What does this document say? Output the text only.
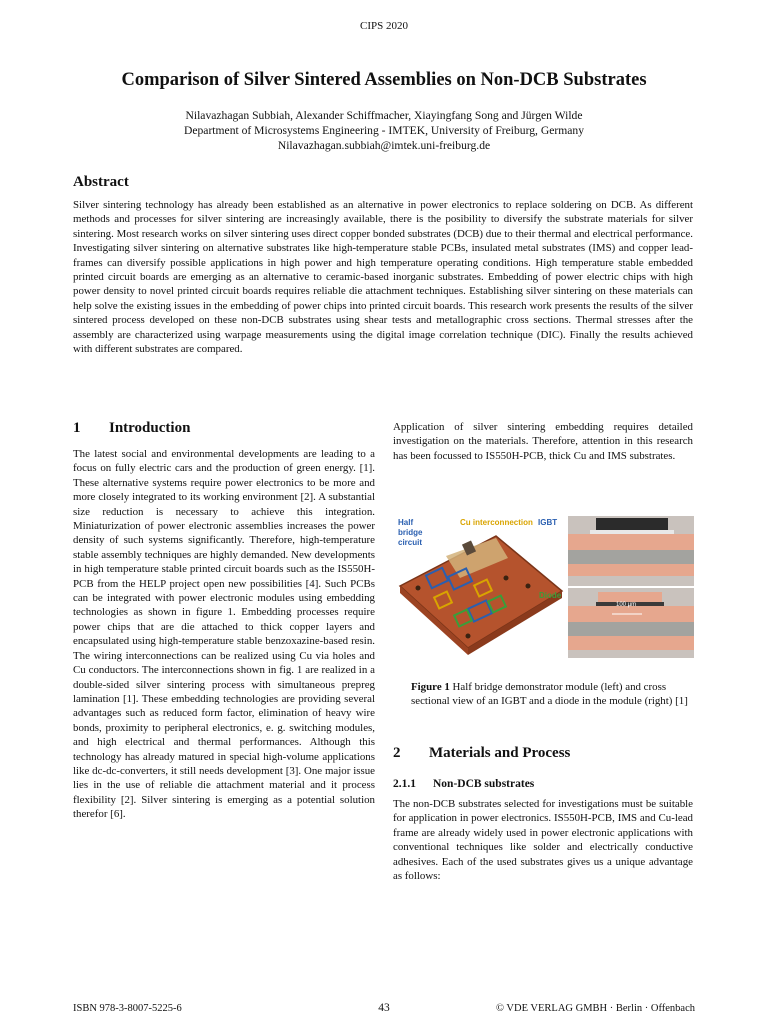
CIPS 2020
Comparison of Silver Sintered Assemblies on Non-DCB Substrates
Nilavazhagan Subbiah, Alexander Schiffmacher, Xiayingfang Song and Jürgen Wilde
Department of Microsystems Engineering - IMTEK, University of Freiburg, Germany
Nilavazhagan.subbiah@imtek.uni-freiburg.de
Abstract
Silver sintering technology has already been established as an alternative in power electronics to replace soldering on DCB. As different methods and processes for silver sintering are increasingly available, there is the posibility to diversify the substrate materials for silver sintering. Most research works on silver sintering uses direct copper bonded substrates (DCB) due to their thermal and electrical performance. Investigating silver sintering on alternative substrates like high-temperature stable PCBs, insulated metal substrates (IMS) and copper lead-frames can diversify possible applications in high power and high temperature operating conditions. High temperature stable embedded printed circuit boards are emerging as an alternative to ceramic-based inorganic substrates. Embedding of power electric chips with high power density to novel printed circuit boards requires reliable die attachment techniques. Establishing silver sintering on these materials can help solve the existing issues in the embedding of power chips into printed circuit boards. This research work presents the results of the silver sintered process developed on these non-DCB substrates using shear tests and metallographic cross sections. Thermal stresses after the assembly are characterized using warpage measurements using the digital image correlation technique (DIC). Finally the results achieved with different substrates are compared.
1 Introduction
The latest social and environmental developments are leading to a focus on fully electric cars and the production of green energy. [1]. These alternative systems require power electronics to be more and more closely integrated to its working environment [2]. A substantial size reduction is necessary to achieve this integration. Miniaturization of power electronic assemblies increases the power density of such systems significantly. Therefore, high-temperature stable assembly techniques are highly demanded. New developments in high temperature stable printed circuit boards such as the IS550H-PCB from the HELP project open new possibilities [4]. Such PCBs can be integrated with power electronic modules using embedding technologies as shown in figure 1. Embedding processes require power chips that are die attached to thick copper layers and encapsulated using high-temperature stable benzoxazine-based resin. The wiring interconnections can be realized using Cu via holes and Cu conductors. The interconnections shown in fig. 1 are realized in a double-sided silver sintering process with simultaneous prepreg lamination [1]. These embedding technologies are providing several advantages such as reduced form factor, elimination of heavy wire bonds, proximity to peripheral electronics, e. g. switching modules, and high electrical and thermal performances. Although this technology has already matured in special high-volume applications like dc-dc-converters, it still needs development [3]. One major issue lies in the use of reliable die attachment material and it process flexibility [2]. Silver sintering is emerging as a potential solution therefor [6].
Application of silver sintering embedding requires detailed investigation on the materials. Therefore, attention in this research has been focussed to IS550H-PCB, thick Cu and IMS substrates.
Half bridge circuit
Cu interconnection IGBT
Diode
100 µm
Figure 1 Half bridge demonstrator module (left) and cross sectional view of an IGBT and a diode in the module (right) [1]
2 Materials and Process
2.1.1 Non-DCB substrates
The non-DCB substrates selected for investigations must be suitable for application in power electronics. IS550H-PCB, IMS and Cu-lead frame are already widely used in power electronic applications with conventional techniques like solder and electrically conductive adhesives. Each of the used substrates gives us a unique advantage as follows:
ISBN 978-3-8007-5225-6	43	© VDE VERLAG GMBH · Berlin · Offenbach
